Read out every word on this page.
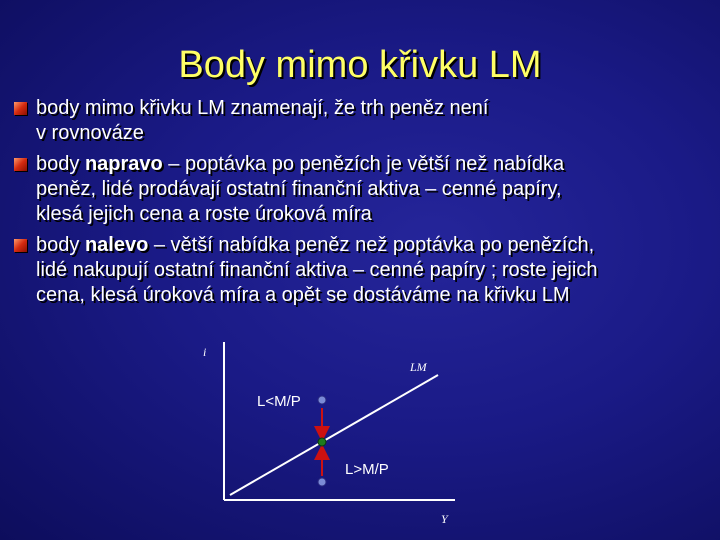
Body mimo křivku LM
body mimo křivku LM znamenají, že trh peněz není
v rovnováze
body napravo – poptávka po penězích je větší než nabídka
peněz, lidé prodávají ostatní finanční aktiva – cenné papíry,
klesá jejich cena a roste úroková míra
body nalevo – větší nabídka peněz než poptávka po penězích,
lidé nakupují ostatní finanční aktiva – cenné papíry ; roste jejich
cena, klesá úroková míra a opět se dostáváme na křivku LM
i
Y
LM
L<M/P
L>M/P
